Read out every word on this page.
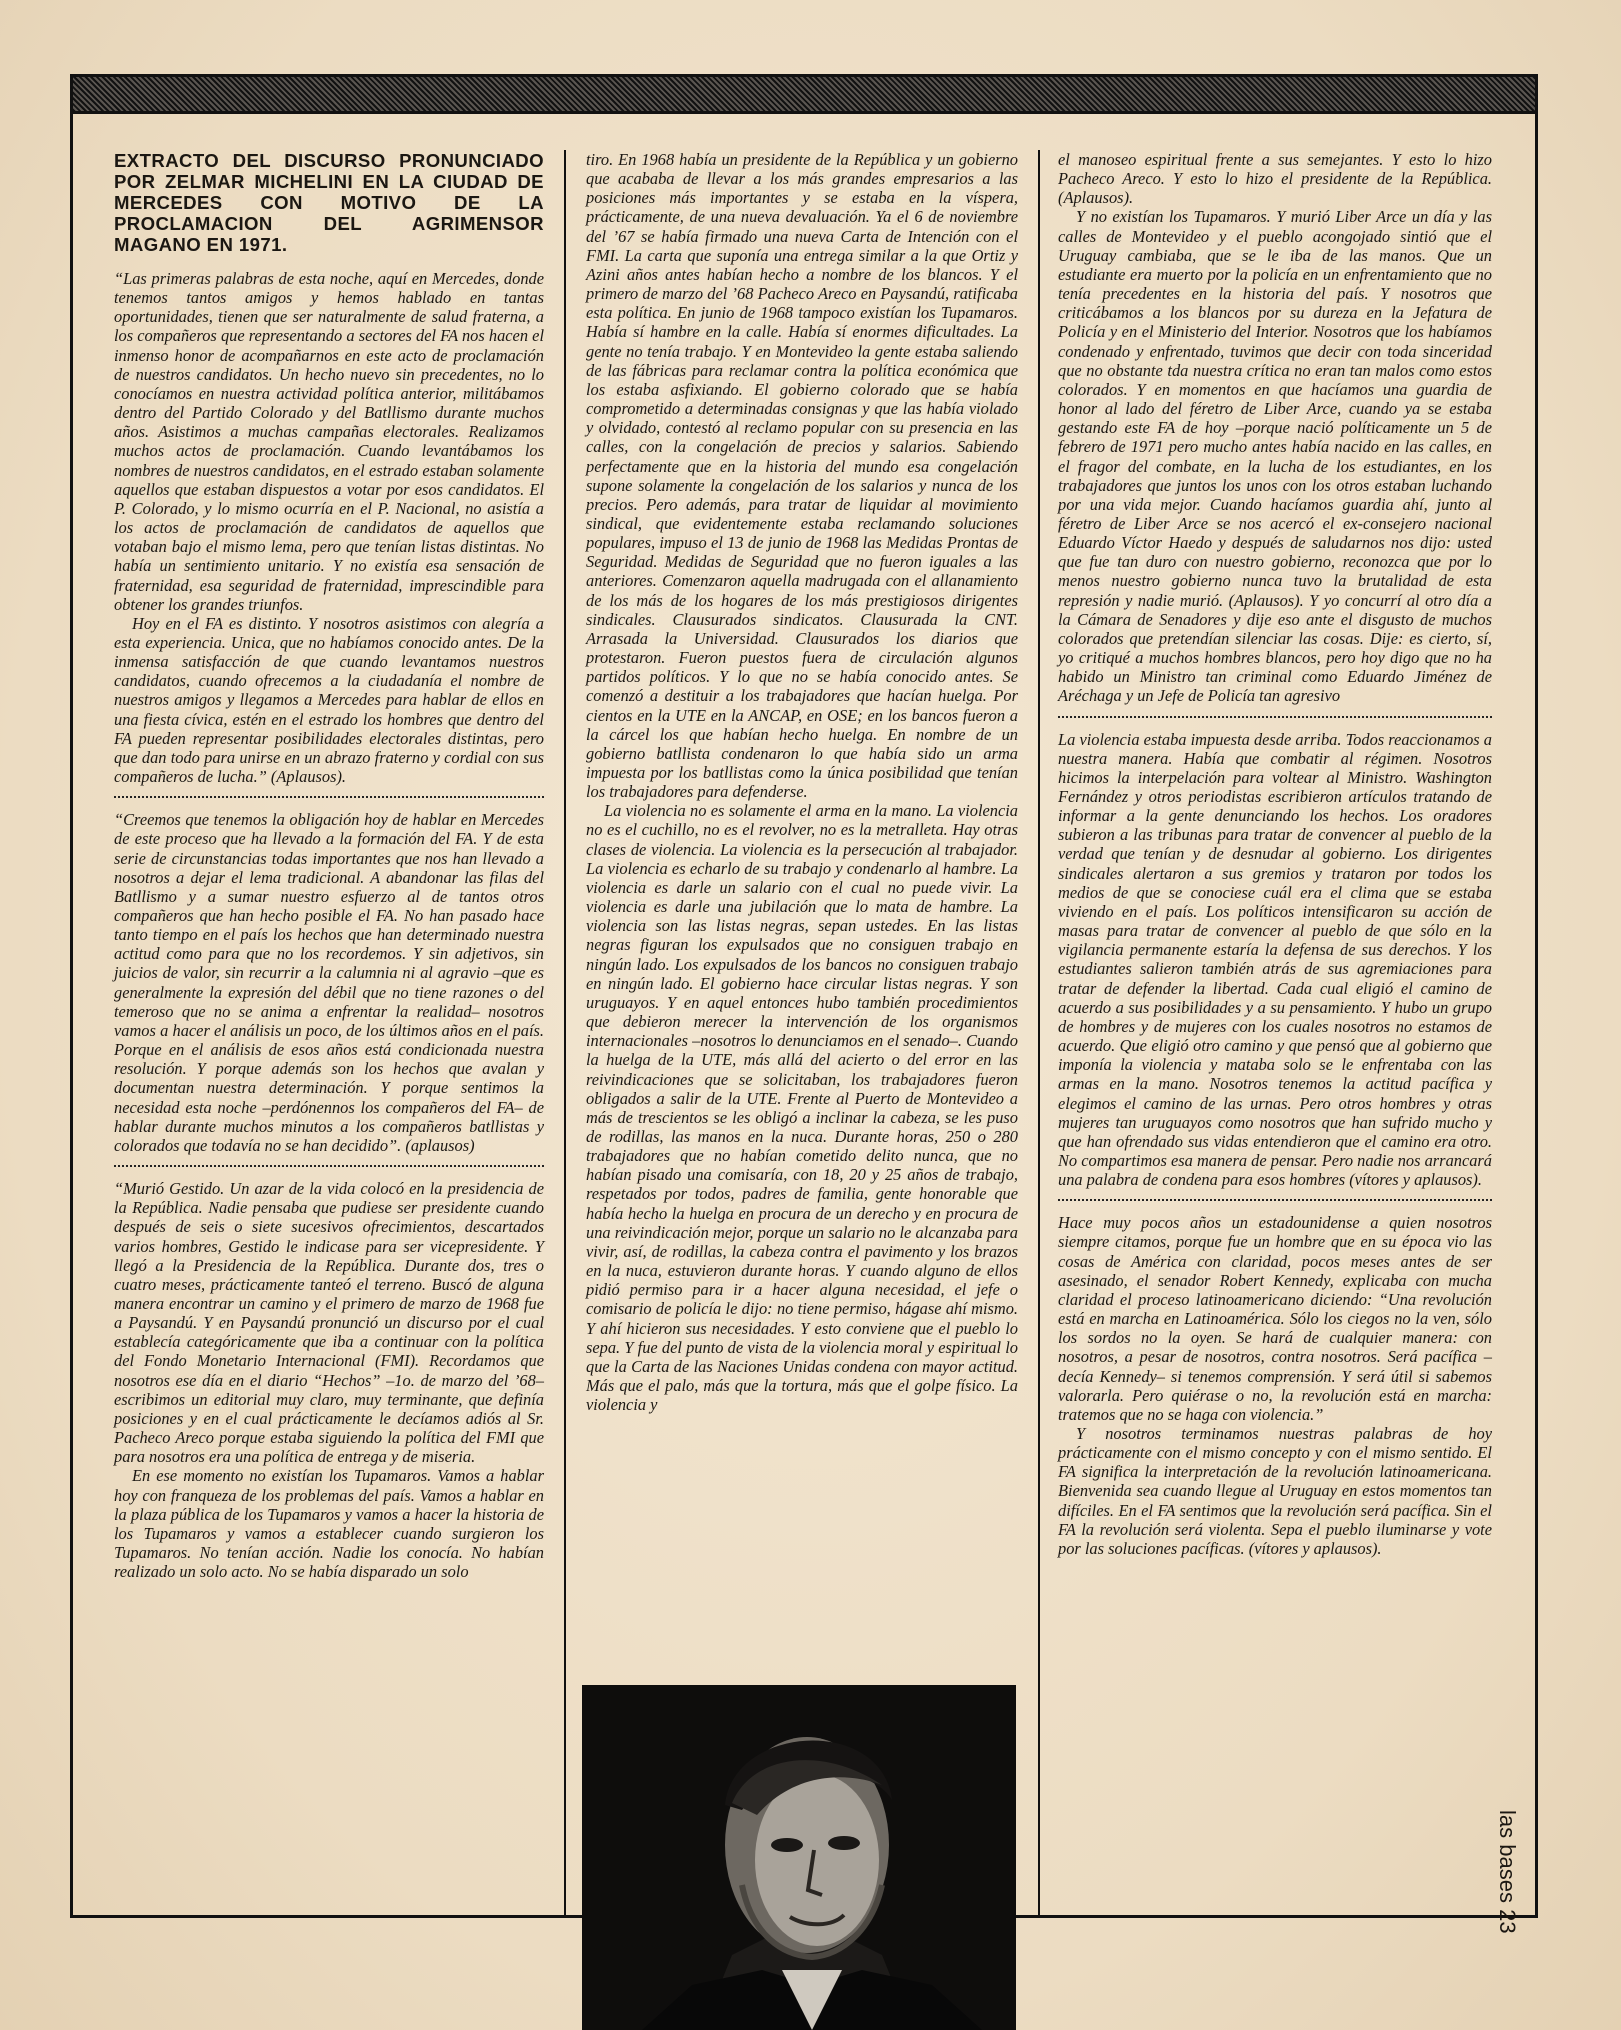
EXTRACTO DEL DISCURSO PRONUNCIADO POR ZELMAR MICHELINI EN LA CIUDAD DE MERCEDES CON MOTIVO DE LA PROCLAMACION DEL AGRIMENSOR MAGANO EN 1971.

“Las primeras palabras de esta noche, aquí en Mercedes, donde tenemos tantos amigos y hemos hablado en tantas oportunidades, tienen que ser naturalmente de salud fraterna, a los compañeros que representando a sectores del FA nos hacen el inmenso honor de acompañarnos en este acto de proclamación de nuestros candidatos. Un hecho nuevo sin precedentes, no lo conocíamos en nuestra actividad política anterior, militábamos dentro del Partido Colorado y del Batllismo durante muchos años. Asistimos a muchas campañas electorales. Realizamos muchos actos de proclamación. Cuando levantábamos los nombres de nuestros candidatos, en el estrado estaban solamente aquellos que estaban dispuestos a votar por esos candidatos. El P. Colorado, y lo mismo ocurría en el P. Nacional, no asistía a los actos de proclamación de candidatos de aquellos que votaban bajo el mismo lema, pero que tenían listas distintas. No había un sentimiento unitario. Y no existía esa sensación de fraternidad, esa seguridad de fraternidad, imprescindible para obtener los grandes triunfos.

Hoy en el FA es distinto. Y nosotros asistimos con alegría a esta experiencia. Unica, que no habíamos conocido antes. De la inmensa satisfacción de que cuando levantamos nuestros candidatos, cuando ofrecemos a la ciudadanía el nombre de nuestros amigos y llegamos a Mercedes para hablar de ellos en una fiesta cívica, estén en el estrado los hombres que dentro del FA pueden representar posibilidades electorales distintas, pero que dan todo para unirse en un abrazo fraterno y cordial con sus compañeros de lucha.” (Aplausos).

“Creemos que tenemos la obligación hoy de hablar en Mercedes de este proceso que ha llevado a la formación del FA. Y de esta serie de circunstancias todas importantes que nos han llevado a nosotros a dejar el lema tradicional. A abandonar las filas del Batllismo y a sumar nuestro esfuerzo al de tantos otros compañeros que han hecho posible el FA. No han pasado hace tanto tiempo en el país los hechos que han determinado nuestra actitud como para que no los recordemos. Y sin adjetivos, sin juicios de valor, sin recurrir a la calumnia ni al agravio –que es generalmente la expresión del débil que no tiene razones o del temeroso que no se anima a enfrentar la realidad– nosotros vamos a hacer el análisis un poco, de los últimos años en el país. Porque en el análisis de esos años está condicionada nuestra resolución. Y porque además son los hechos que avalan y documentan nuestra determinación. Y porque sentimos la necesidad esta noche –perdónennos los compañeros del FA– de hablar durante muchos minutos a los compañeros batllistas y colorados que todavía no se han decidido”. (aplausos)

“Murió Gestido. Un azar de la vida colocó en la presidencia de la República. Nadie pensaba que pudiese ser presidente cuando después de seis o siete sucesivos ofrecimientos, descartados varios hombres, Gestido le indicase para ser vicepresidente. Y llegó a la Presidencia de la República. Durante dos, tres o cuatro meses, prácticamente tanteó el terreno. Buscó de alguna manera encontrar un camino y el primero de marzo de 1968 fue a Paysandú. Y en Paysandú pronunció un discurso por el cual establecía categóricamente que iba a continuar con la política del Fondo Monetario Internacional (FMI). Recordamos que nosotros ese día en el diario “Hechos” –1o. de marzo del ’68– escribimos un editorial muy claro, muy terminante, que definía posiciones y en el cual prácticamente le decíamos adiós al Sr. Pacheco Areco porque estaba siguiendo la política del FMI que para nosotros era una política de entrega y de miseria.

En ese momento no existían los Tupamaros. Vamos a hablar hoy con franqueza de los problemas del país. Vamos a hablar en la plaza pública de los Tupamaros y vamos a hacer la historia de los Tupamaros y vamos a establecer cuando surgieron los Tupamaros. No tenían acción. Nadie los conocía. No habían realizado un solo acto. No se había disparado un solo

tiro. En 1968 había un presidente de la República y un gobierno que acababa de llevar a los más grandes empresarios a las posiciones más importantes y se estaba en la víspera, prácticamente, de una nueva devaluación. Ya el 6 de noviembre del ’67 se había firmado una nueva Carta de Intención con el FMI. La carta que suponía una entrega similar a la que Ortiz y Azini años antes habían hecho a nombre de los blancos. Y el primero de marzo del ’68 Pacheco Areco en Paysandú, ratificaba esta política. En junio de 1968 tampoco existían los Tupamaros. Había sí hambre en la calle. Había sí enormes dificultades. La gente no tenía trabajo. Y en Montevideo la gente estaba saliendo de las fábricas para reclamar contra la política económica que los estaba asfixiando. El gobierno colorado que se había comprometido a determinadas consignas y que las había violado y olvidado, contestó al reclamo popular con su presencia en las calles, con la congelación de precios y salarios. Sabiendo perfectamente que en la historia del mundo esa congelación supone solamente la congelación de los salarios y nunca de los precios. Pero además, para tratar de liquidar al movimiento sindical, que evidentemente estaba reclamando soluciones populares, impuso el 13 de junio de 1968 las Medidas Prontas de Seguridad. Medidas de Seguridad que no fueron iguales a las anteriores. Comenzaron aquella madrugada con el allanamiento de los más de los hogares de los más prestigiosos dirigentes sindicales. Clausurados sindicatos. Clausurada la CNT. Arrasada la Universidad. Clausurados los diarios que protestaron. Fueron puestos fuera de circulación algunos partidos políticos. Y lo que no se había conocido antes. Se comenzó a destituir a los trabajadores que hacían huelga. Por cientos en la UTE en la ANCAP, en OSE; en los bancos fueron a la cárcel los que habían hecho huelga. En nombre de un gobierno batllista condenaron lo que había sido un arma impuesta por los batllistas como la única posibilidad que tenían los trabajadores para defenderse.

La violencia no es solamente el arma en la mano. La violencia no es el cuchillo, no es el revolver, no es la metralleta. Hay otras clases de violencia. La violencia es la persecución al trabajador. La violencia es echarlo de su trabajo y condenarlo al hambre. La violencia es darle un salario con el cual no puede vivir. La violencia es darle una jubilación que lo mata de hambre. La violencia son las listas negras, sepan ustedes. En las listas negras figuran los expulsados que no consiguen trabajo en ningún lado. Los expulsados de los bancos no consiguen trabajo en ningún lado. El gobierno hace circular listas negras. Y son uruguayos. Y en aquel entonces hubo también procedimientos que debieron merecer la intervención de los organismos internacionales –nosotros lo denunciamos en el senado–. Cuando la huelga de la UTE, más allá del acierto o del error en las reivindicaciones que se solicitaban, los trabajadores fueron obligados a salir de la UTE. Frente al Puerto de Montevideo a más de trescientos se les obligó a inclinar la cabeza, se les puso de rodillas, las manos en la nuca. Durante horas, 250 o 280 trabajadores que no habían cometido delito nunca, que no habían pisado una comisaría, con 18, 20 y 25 años de trabajo, respetados por todos, padres de familia, gente honorable que había hecho la huelga en procura de un derecho y en procura de una reivindicación mejor, porque un salario no le alcanzaba para vivir, así, de rodillas, la cabeza contra el pavimento y los brazos en la nuca, estuvieron durante horas. Y cuando alguno de ellos pidió permiso para ir a hacer alguna necesidad, el jefe o comisario de policía le dijo: no tiene permiso, hágase ahí mismo. Y ahí hicieron sus necesidades. Y esto conviene que el pueblo lo sepa. Y fue del punto de vista de la violencia moral y espiritual lo que la Carta de las Naciones Unidas condena con mayor actitud. Más que el palo, más que la tortura, más que el golpe físico. La violencia y

el manoseo espiritual frente a sus semejantes. Y esto lo hizo Pacheco Areco. Y esto lo hizo el presidente de la República. (Aplausos).

Y no existían los Tupamaros. Y murió Liber Arce un día y las calles de Montevideo y el pueblo acongojado sintió que el Uruguay cambiaba, que se le iba de las manos. Que un estudiante era muerto por la policía en un enfrentamiento que no tenía precedentes en la historia del país. Y nosotros que criticábamos a los blancos por su dureza en la Jefatura de Policía y en el Ministerio del Interior. Nosotros que los habíamos condenado y enfrentado, tuvimos que decir con toda sinceridad que no obstante tda nuestra crítica no eran tan malos como estos colorados. Y en momentos en que hacíamos una guardia de honor al lado del féretro de Liber Arce, cuando ya se estaba gestando este FA de hoy –porque nació políticamente un 5 de febrero de 1971 pero mucho antes había nacido en las calles, en el fragor del combate, en la lucha de los estudiantes, en los trabajadores que juntos los unos con los otros estaban luchando por una vida mejor. Cuando hacíamos guardia ahí, junto al féretro de Liber Arce se nos acercó el ex-consejero nacional Eduardo Víctor Haedo y después de saludarnos nos dijo: usted que fue tan duro con nuestro gobierno, reconozca que por lo menos nuestro gobierno nunca tuvo la brutalidad de esta represión y nadie murió. (Aplausos). Y yo concurrí al otro día a la Cámara de Senadores y dije eso ante el disgusto de muchos colorados que pretendían silenciar las cosas. Dije: es cierto, sí, yo critiqué a muchos hombres blancos, pero hoy digo que no ha habido un Ministro tan criminal como Eduardo Jiménez de Aréchaga y un Jefe de Policía tan agresivo

La violencia estaba impuesta desde arriba. Todos reaccionamos a nuestra manera. Había que combatir al régimen. Nosotros hicimos la interpelación para voltear al Ministro. Washington Fernández y otros periodistas escribieron artículos tratando de informar a la gente denunciando los hechos. Los oradores subieron a las tribunas para tratar de convencer al pueblo de la verdad que tenían y de desnudar al gobierno. Los dirigentes sindicales alertaron a sus gremios y trataron por todos los medios de que se conociese cuál era el clima que se estaba viviendo en el país. Los políticos intensificaron su acción de masas para tratar de convencer al pueblo de que sólo en la vigilancia permanente estaría la defensa de sus derechos. Y los estudiantes salieron también atrás de sus agremiaciones para tratar de defender la libertad. Cada cual eligió el camino de acuerdo a sus posibilidades y a su pensamiento. Y hubo un grupo de hombres y de mujeres con los cuales nosotros no estamos de acuerdo. Que eligió otro camino y que pensó que al gobierno que imponía la violencia y mataba solo se le enfrentaba con las armas en la mano. Nosotros tenemos la actitud pacífica y elegimos el camino de las urnas. Pero otros hombres y otras mujeres tan uruguayos como nosotros que han sufrido mucho y que han ofrendado sus vidas entendieron que el camino era otro. No compartimos esa manera de pensar. Pero nadie nos arrancará una palabra de condena para esos hombres (vítores y aplausos).

Hace muy pocos años un estadounidense a quien nosotros siempre citamos, porque fue un hombre que en su época vio las cosas de América con claridad, pocos meses antes de ser asesinado, el senador Robert Kennedy, explicaba con mucha claridad el proceso latinoamericano diciendo: “Una revolución está en marcha en Latinoamérica. Sólo los ciegos no la ven, sólo los sordos no la oyen. Se hará de cualquier manera: con nosotros, a pesar de nosotros, contra nosotros. Será pacífica –decía Kennedy– si tenemos comprensión. Y será útil si sabemos valorarla. Pero quiérase o no, la revolución está en marcha: tratemos que no se haga con violencia.”

Y nosotros terminamos nuestras palabras de hoy prácticamente con el mismo concepto y con el mismo sentido. El FA significa la interpretación de la revolución latinoamericana. Bienvenida sea cuando llegue al Uruguay en estos momentos tan difíciles. En el FA sentimos que la revolución será pacífica. Sin el FA la revolución será violenta. Sepa el pueblo iluminarse y vote por las soluciones pacíficas. (vítores y aplausos).

las bases 23
